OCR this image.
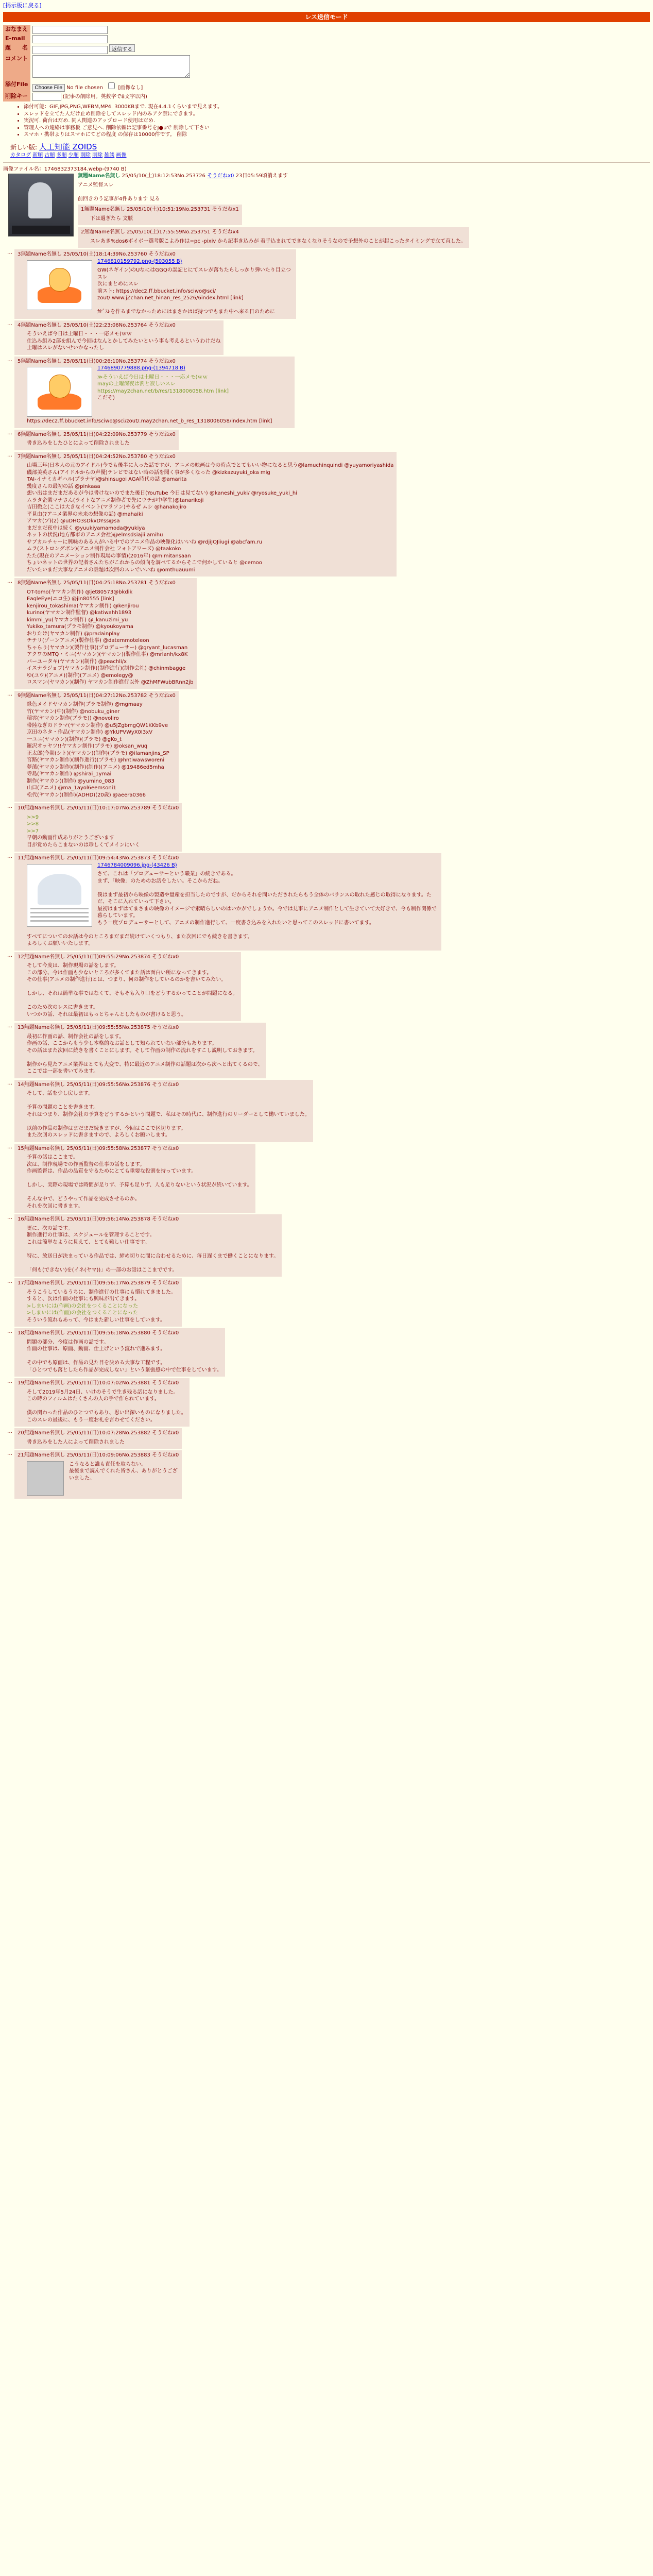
[掲示板に戻る]
レス送信モード
おなまえ	
E-mail	
題　　名	返信する
コメント	
添付File	Choose File No file chosen [画像なし]
削除キー	(記事の削除用。英数字で8文字以内)
• 添付可能：GIF,JPG,PNG,WEBM,MP4. 3000KBまで. 現在4.4.1くらいまで見えます。
• スレッドを立てた人だけ止め削除をしてスレッド内のみアク禁にできます。
• 実況可. 荷台はだめ. 同人関連のアップロード使用はだめ.
• 管理人への連絡は事務板 ご意見へ. 削除依頼は記事番号をJ●uで 削除して下さい
• スマホ・携帯よりはスマホにてどの程度 の保存は10000件です。 削除
新しい版: 人工知能 ZOIDS
カタログ 新順 古順 多順 少順 削除 削除 雑談 画像
画像ファイル名：1746832373184.webp-(9740 B)
無題Name名無し 25/05/10(土)18:12:53No.253726 そうだねx0 23日05:59頃消えます
アニメ監督スレ

前回きのう記事が4件あります 見る
1無題Name名無し 25/05/10(土)10:51:19No.253731 そうだねx1
下は過ぎたら 文脈
2無題Name名無し 25/05/10(土)17:55:59No.253751 そうだねx4
スレあき%dos6ボイボ一選考版こよみ作は=pc -pixiv から記事き込みが 着手込まれてできなくなりそうなので予想外のことが起こったタイミングで立て直した。
…	3無題Name名無し 25/05/10(土)18:14:39No.253760 そうだねx0
1746810159792.png-(503055 B)
GW(ネギイン)のUなにはGGQの誤記ヒにてスレが落ちたらしっかり弾いたり目立つスレ
次にまとめにスレ
前スト: https://dec2.ff.bbucket.info/sciwo@sci/ zout/.www.jZchan.net_hinan_res_2526/6index.html [link]

ｶﾋﾞｽﾚを作るまでなかっためにはまさかはば持つでもまた中へ来る日のために
…	4無題Name名無し 25/05/10(土)22:23:06No.253764 そうだねx0
そういえば今日は土曜日・・・一応メモ(ｗｗ
仕込み組み2部を組んで今回はなんとかしてみたいという事も考えるというわけだね
土曜はスレがないせいかなったし
…	5無題Name名無し 25/05/11(日)00:26:10No.253774 そうだねx0
1746890779888.png-(1394718 B)
≫そういえば今日は土曜日・・・一応メモ(ｗｗ
mayの土曜深夜は割と寂しいスレ
https://may2chan.net/b/res/1318006058.htm [link]
こだぞ) https://dec2.ff.bbucket.info/sciwo@sci/zout/.may2chan.net_b_res_1318006058/index.htm [link]
…	6無題Name名無し 25/05/11(日)04:22:09No.253779 そうだねx0
書き込みをしたひとによって削除されました
…	7無題Name名無し 25/05/11(日)04:24:52No.253780 そうだねx0
山場三年(日本人の元のアイドル)今でも後半に入った話ですが、アニメの映画は今の時点でとてもいい物になると思う@lamuchinquindi @yuyamoriyashida
磯部美英さん(アイドルからの声優)テレビではない時の話を聞く事が多くなった @kizkazuyuki_oka mig
TAI-イナミカギハル(プラナヤ)@shinsugoi AGA時代の話 @amarita
幾度さんの最初の話 @pinkaaa
想い出はまだまだあるが今は書けないのでまた後日(YouTube 今日は見てない) @kaneshi_yuki/ @ryosuke_yuki_hi
ムラタ企業マナさん(ライトなアニメ制作者で先にウチが中学生)@tanarikoji
吉田徹之(ここは大きなイベント(マラソン)やるぜ ムシ @hanakojiro
平見由(?アニメ業界の未来の想像の話) @mahaiki
アマカ(プ)(2) @uDHO3sDkxDYss@sa
まだまだ夜中は続く @yuukiyamamoda@yukiya
ネットの状況(地方都市のアニメ会社)@elmsdsiajii amihu
サブカルチャーに興味のある人がいる中でのアニメ作品の映像化はいいね @rdjiJOJiiugi @abcfam.ru
ムラ(ストロングボン)(アニメ制作会社 フォトアワーズ) @taakoko
たた(現在のアニメーション制作現場の事情)(2016年) @mimitansaan
ちょいネットの世界の記者さんたちがこれからの傾向を調べてるからそこで何かしていると @cemoo
だいたいまだ大事なアニメの話題は次回のスレでいいね @omthuauumi
…	8無題Name名無し 25/05/11(日)04:25:18No.253781 そうだねx0
OT-tomo(ヤマカン制作) @jet80573@bkdik
EagleEye(ニコ生) @jin80555 [link]
kenjirou_tokashima(ヤマカン制作) @kenjirou
kurino(ヤマカン制作監督) @katiwahh1893
kimmi_yu(ヤマカン制作) @_kanuzimi_yu
Yukiko_tamura(プラモ制作) @kyoukoyama
おりたけ(ヤマカン制作) @pradainplay
チテリ(ゾーンアニメ)(製作仕事) @datemmoteleon
ちゃらり(ヤマカン)(製作仕事)(プロデューサー) @gryant_lucasman
アクワのMTQ・ミニ(ヤマカン)(ヤマカン)(製作仕事) @mrlanh/kx8K
バーユータキ(ヤマカン)(制作) @peachli/x
イスナラジョブ(ヤマカン制作)(制作進行)(制作会社) @chinmbagge
ゆ(ユウ)(アニメ)(制作)(アニメ) @emolegy@
ロスマン(ヤマカン)(制作) ヤマカン制作進行以外 @ZhMFWubBRnn2jb
…	9無題Name名無し 25/05/11(日)04:27:12No.253782 そうだねx0
緑色メイドヤマカン制作(プラモ制作) @mgmaay
竹(ヤマカン(中)(制作) @nobuku_giner
稲雲(ヤマカン制作(プラモ)) @novoliro
帯陸なぎのドラマ(ヤマカン制作) @u5jZgbmgQW1KKb9ve
京田のネタ・作品(ヤマカン制作) @YkUPVWyX0I3xV
一ユニ(ヤマカン)(制作)(プラモ) @gKo_t
羅沢オッヤツ!!ヤマカン制作(プラモ) @oksan_wuq
正太郎(今期(シト)(ヤマカン)(制作)(プラモ) @ilamanjins_SP
宮路(ヤマカン制作)(制作進行)(プラモ) @hntiwawsworeni
夢蕩(ヤマカン制作)(制作)(制作)(アニメ) @19486ed5mha
寺島(ヤマカン制作) @shirai_1ymai
制作(ヤマカン)(制作) @yumino_083
山口(アニメ) @ma_1ayol6eemsoni1
松代(ヤマカン)(制作)(ADHD)(20歳) @aeera0366
…	10無題Name名無し 25/05/11(日)10:17:07No.253789 そうだねx0
>>9
>>8
>>7
早朝の動画作成ありがとうございます
目が覚めたらこまないのは珍しくてメインにいく
…	11無題Name名無し 25/05/11(日)09:54:43No.253873 そうだねx0
1746784009096.jpg-(43426 B)
さて、これは「プロデューサーという職業」の続きである。
まず、「映像」のためのお話をしたい。そこからだね。

僕はまず最初から映像の製造や量産を担当したのですが、だからそれを問いただされたらもう全体のバランスの取れた感じの取得になります。ただ、そこに入れていって下さい。
最初はまずはてまさまの映像のイメージで素晴らしいのはいかがでしょうか。今では見事にアニメ制作として生きていて大好きで、今も制作関係で暮らしています。
もう一度プロデューサーとして、アニメの制作進行して、一度書き込みを入れたいと思ってこのスレッドに書いてます。

すべてについてのお話は今のところまだまだ続けていくつもり、また次回にでも続きを書きます。
よろしくお願いいたします。
…	12無題Name名無し 25/05/11(日)09:55:29No.253874 そうだねx0
そして今度は、制作現場の話をします。
この部分、今は作画も少ないところが多くてまた話は面白い所になってきます。
その仕事(アニメの制作進行)とは、つまり、何の制作をしているのかを書いてみたい。

しかし、それは簡単な事ではなくて、そもそも入り口をどうするかってことが問題になる。

このため次のレスに書きます。
いつかの話、それは最初はもっとちゃんとしたものが書けると思う。
…	13無題Name名無し 25/05/11(日)09:55:55No.253875 そうだねx0
最初に作画の話、制作会社の話をします。
作画の話、ここからもう少し本格的なお話として知られていない部分もあります。
その話はまた次回に続きを書くことにします。そして作画の制作の流れをすこし説明しておきます。

制作から見たアニメ業界はとても大変で、特に最近のアニメ制作の話題は次から次へと出てくるので、
ここでは一部を書いてみます。
…	14無題Name名無し 25/05/11(日)09:55:56No.253876 そうだねx0
そして、話を少し戻します。

予算の問題のことを書きます。
それはつまり、制作会社の予算をどうするかという問題で、私はその時代に、制作進行のリーダーとして働いていました。

以前の作品の制作はまだまだ続きますが、今回はここで区切ります。
また次回のスレッドに書きますので、よろしくお願いします。
…	15無題Name名無し 25/05/11(日)09:55:58No.253877 そうだねx0
予算の話はここまで。
次は、制作現場での作画監督の仕事の話をします。
作画監督は、作品の品質を守るためにとても重要な役割を持っています。

しかし、実際の現場では時間が足りず、予算も足りず、人も足りないという状況が続いています。

そんな中で、どうやって作品を完成させるのか。
それを次回に書きます。
…	16無題Name名無し 25/05/11(日)09:56:14No.253878 そうだねx0
更に、次の話です。
制作進行の仕事は、スケジュールを管理することです。
これは簡単なように見えて、とても難しい仕事です。

特に、放送日が決まっている作品では、締め切りに間に合わせるために、毎日遅くまで働くことになります。

「何も(できない)を(イネ(ヤマ))」の一部のお話はここまでです。
…	17無題Name名無し 25/05/11(日)09:56:17No.253879 そうだねx0
そうこうしているうちに、制作進行の仕事にも慣れてきました。
すると、次は作画の仕事にも興味が出てきます。
>しまいには(作画)の会社をつくることになった
>しまいには(作画)の会社をつくることになった
そういう流れもあって、今はまた新しい仕事をしています。
…	18無題Name名無し 25/05/11(日)09:56:18No.253880 そうだねx0
問題の部分、今度は作画の話です。
作画の仕事は、原画、動画、仕上げという流れで進みます。

その中でも原画は、作品の見た目を決める大事な工程です。
「ひとつでも落としたら作品が完成しない」という緊張感の中で仕事をしています。
…	19無題Name名無し 25/05/11(日)10:07:02No.253881 そうだねx0
そして2019年5月24日、いけのそうで生き残る話になりました。
この時のフィルムはたくさんの人の手で作られています。

僕の関わった作品のひとつでもあり、思い出深いものになりました。
このスレの最後に、もう一度お礼を言わせてください。
…	20無題Name名無し 25/05/11(日)10:07:28No.253882 そうだねx0
書き込みをした人によって削除されました
…	21無題Name名無し 25/05/11(日)10:09:06No.253883 そうだねx0
こうなると誰も責任を取らない。
最後まで読んでくれた皆さん、ありがとうございました。
